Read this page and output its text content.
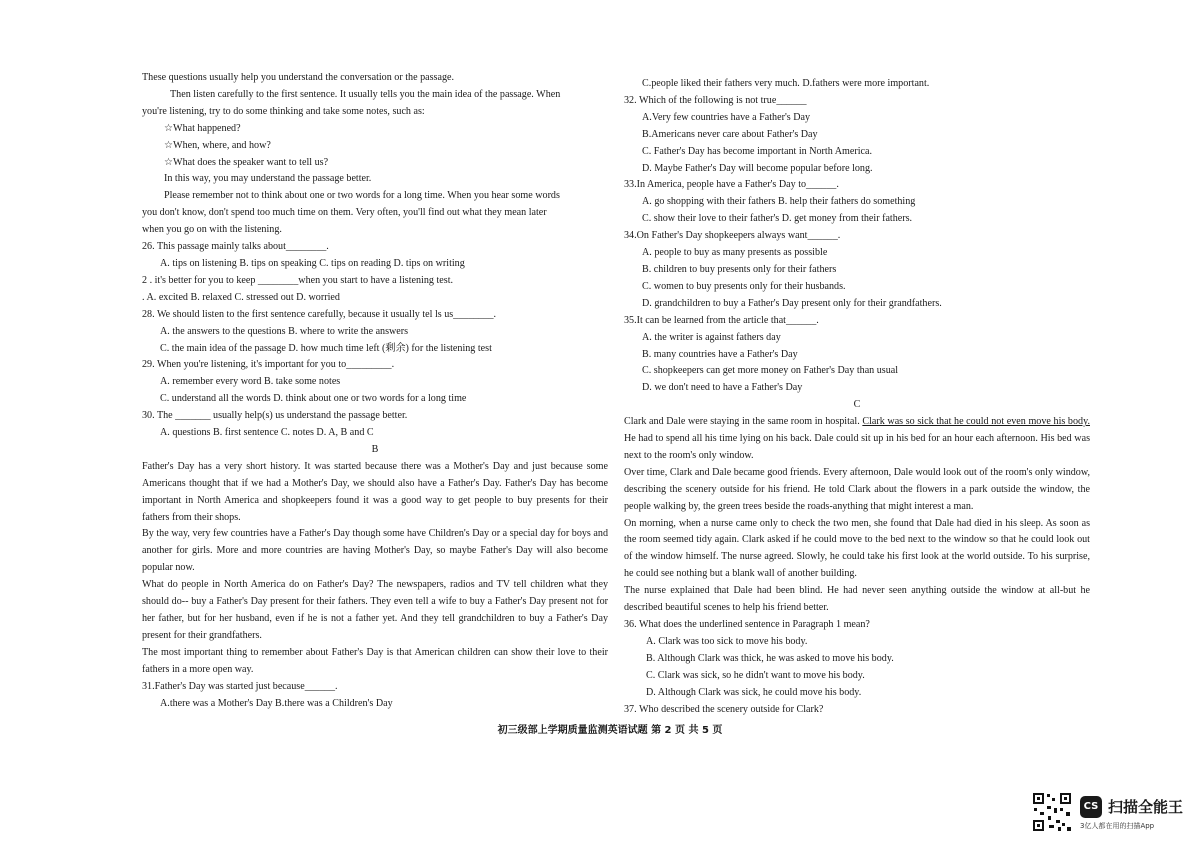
These questions usually help you understand the conversation or the passage.
Then listen carefully to the first sentence. It usually tells you the main idea of the passage. When
you're listening, try to do some thinking and take some notes, such as:
☆What happened?
☆When, where, and how?
☆What does the speaker want to tell us?
In this way, you may understand the passage better.
Please remember not to think about one or two words for a long time. When you hear some words
you don't know, don't spend too much time on them. Very often, you'll find out what they mean later
when you go on with the listening.
26. This passage mainly talks about________.
A. tips on listening B. tips on speaking C. tips on reading D. tips on writing
2 . it's better for you to keep ________when you start to have a listening test.
. A. excited B. relaxed C. stressed out D. worried
28. We should listen to the first sentence carefully, because it usually tel ls us________.
A. the answers to the questions B. where to write the answers
C. the main idea of the passage D. how much time left (剩余) for the listening test
29. When you're listening, it's important for you to_________.
A. remember every word B. take some notes
C. understand all the words D. think about one or two words for a long time
30. The _______ usually help(s) us understand the passage better.
A. questions B. first sentence C. notes D. A, B and C
B
Father's Day has a very short history. It was started because there was a Mother's Day and just because some Americans thought that if we had a Mother's Day, we should also have a Father's Day. Father's Day has become important in North America and shopkeepers found it was a good way to get people to buy presents for their fathers from their shops.
By the way, very few countries have a Father's Day though some have Children's Day or a special day for boys and another for girls. More and more countries are having Mother's Day, so maybe Father's Day will also become popular now.
What do people in North America do on Father's Day? The newspapers, radios and TV tell children what they should do-- buy a Father's Day present for their fathers. They even tell a wife to buy a Father's Day present not for her father, but for her husband, even if he is not a father yet. And they tell grandchildren to buy a Father's Day present for their grandfathers.
The most important thing to remember about Father's Day is that American children can show their love to their fathers in a more open way.
31.Father's Day was started just because______.
A.there was a Mother's Day B.there was a Children's Day
C.people liked their fathers very much. D.fathers were more important.
32. Which of the following is not true______
A.Very few countries have a Father's Day
B.Americans never care about Father's Day
C. Father's Day has become important in North America.
D. Maybe Father's Day will become popular before long.
33.In America, people have a Father's Day to______.
A. go shopping with their fathers B. help their fathers do something
C. show their love to their father's D. get money from their fathers.
34.On Father's Day shopkeepers always want______.
A. people to buy as many presents as possible
B. children to buy presents only for their fathers
C. women to buy presents only for their husbands.
D. grandchildren to buy a Father's Day present only for their grandfathers.
35.It can be learned from the article that______.
A. the writer is against fathers day
B. many countries have a Father's Day
C. shopkeepers can get more money on Father's Day than usual
D. we don't need to have a Father's Day
C
Clark and Dale were staying in the same room in hospital. Clark was so sick that he could not even move his body. He had to spend all his time lying on his back. Dale could sit up in his bed for an hour each afternoon. His bed was next to the room's only window.
Over time, Clark and Dale became good friends. Every afternoon, Dale would look out of the room's only window, describing the scenery outside for his friend. He told Clark about the flowers in a park outside the window, the people walking by, the green trees beside the roads-anything that might interest a man.
On morning, when a nurse came only to check the two men, she found that Dale had died in his sleep. As soon as the room seemed tidy again. Clark asked if he could move to the bed next to the window so that he could look out of the window himself. The nurse agreed. Slowly, he could take his first look at the world outside. To his surprise, he could see nothing but a blank wall of another building.
The nurse explained that Dale had been blind. He had never seen anything outside the window at all-but he described beautiful scenes to help his friend better.
36. What does the underlined sentence in Paragraph 1 mean?
A. Clark was too sick to move his body.
B. Although Clark was thick, he was asked to move his body.
C. Clark was sick, so he didn't want to move his body.
D. Although Clark was sick, he could move his body.
37. Who described the scenery outside for Clark?
初三级部上学期质量监测英语试题 第 2 页 共 5 页
CS 扫描全能王
3亿人都在用的扫描App
